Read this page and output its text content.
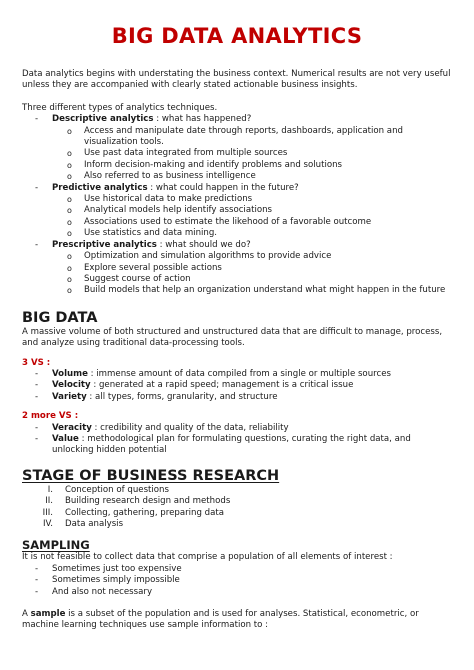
BIG DATA ANALYTICS

Data analytics begins with understating the business context. Numerical results are not very useful unless they are accompanied with clearly stated actionable business insights.

Three different types of analytics techniques.

- Descriptive analytics : what has happened?
o Access and manipulate date through reports, dashboards, application and visualization tools.
o Use past data integrated from multiple sources
o Inform decision-making and identify problems and solutions
o Also referred to as business intelligence
- Predictive analytics : what could happen in the future?
o Use historical data to make predictions
o Analytical models help identify associations
o Associations used to estimate the likehood of a favorable outcome
o Use statistics and data mining.
- Prescriptive analytics : what should we do?
o Optimization and simulation algorithms to provide advice
o Explore several possible actions
o Suggest course of action
o Build models that help an organization understand what might happen in the future
BIG DATA

A massive volume of both structured and unstructured data that are difficult to manage, process, and analyze using traditional data-processing tools.

3 VS :
- Volume : immense amount of data compiled from a single or multiple sources
- Velocity : generated at a rapid speed; management is a critical issue
- Variety : all types, forms, granularity, and structure
2 more VS :
- Veracity : credibility and quality of the data, reliability
- Value : methodological plan for formulating questions, curating the right data, and unlocking hidden potential
STAGE OF BUSINESS RESEARCH
I. Conception of questions
II. Building research design and methods
III. Collecting, gathering, preparing data
IV. Data analysis
SAMPLING

It is not feasible to collect data that comprise a population of all elements of interest :

- Sometimes just too expensive
- Sometimes simply impossible
- And also not necessary

A sample is a subset of the population and is used for analyses. Statistical, econometric, or machine learning techniques use sample information to :
